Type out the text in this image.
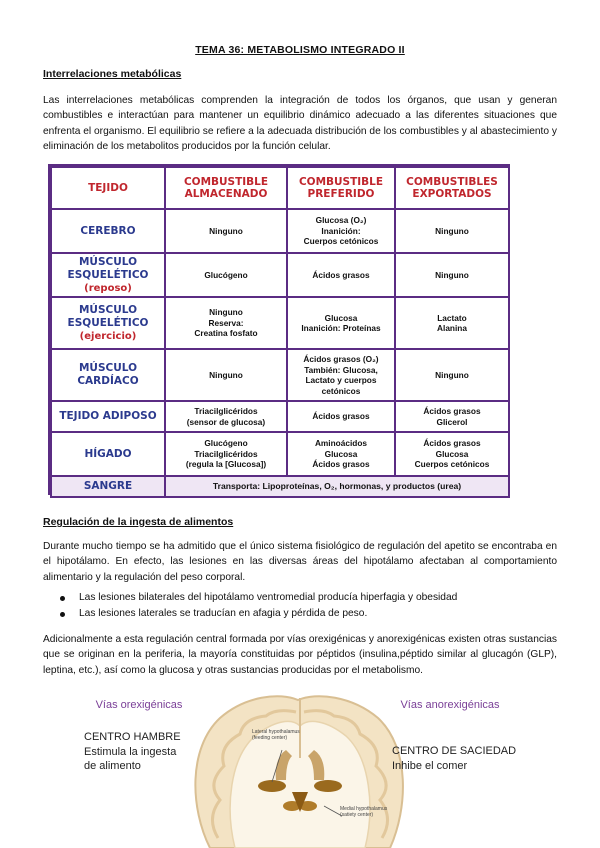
TEMA 36: METABOLISMO INTEGRADO II
Interrelaciones metabólicas
Las interrelaciones metabólicas comprenden la integración de todos los órganos, que usan y generan combustibles e interactúan para mantener un equilibrio dinámico adecuado a las diferentes situaciones que enfrenta el organismo. El equilibrio se refiere a la adecuada distribución de los combustibles y al abastecimiento y eliminación de los metabolitos producidos por la función celular.
TEJIDO	COMBUSTIBLE ALMACENADO	COMBUSTIBLE PREFERIDO	COMBUSTIBLES EXPORTADOS
CEREBRO	Ninguno	Glucosa (O₂)
Inanición:
Cuerpos cetónicos	Ninguno

MÚSCULO ESQUELÉTICO
(reposo)	Glucógeno	Ácidos grasos	Ninguno

MÚSCULO ESQUELÉTICO
(ejercicio)	Ninguno
Reserva:
Creatina fosfato	Glucosa
Inanición: Proteínas	Lactato
Alanina

MÚSCULO CARDÍACO	Ninguno	Ácidos grasos (O₂)
También: Glucosa,
Lactato y cuerpos
cetónicos	Ninguno

TEJIDO ADIPOSO	Triacilglicéridos
(sensor de glucosa)	Ácidos grasos	Ácidos grasos
Glicerol

HÍGADO	Glucógeno
Triacilglicéridos
(regula la [Glucosa])	Aminoácidos
Glucosa
Ácidos grasos	Ácidos grasos
Glucosa
Cuerpos cetónicos

SANGRE	Transporta: Lipoproteínas, O₂, hormonas, y productos (urea)		
Regulación de la ingesta de alimentos
Durante mucho tiempo se ha admitido que el único sistema fisiológico de regulación del apetito se encontraba en el hipotálamo. En efecto, las lesiones en las diversas áreas del hipotálamo afectaban al comportamiento alimentario y la regulación del peso corporal.
Las lesiones bilaterales del hipotálamo ventromedial producía hiperfagia y obesidad
Las lesiones laterales se traducían en afagia y pérdida de peso.
Adicionalmente a esta regulación central formada por vías orexigénicas y anorexigénicas existen otras sustancias que se originan en la periferia, la mayoría constituidas por péptidos (insulina,péptido similar al glucagón (GLP), leptina, etc.), así como la glucosa y otras sustancias producidas por el metabolismo.
Vías orexigénicas
CENTRO HAMBRE
Estimula la ingesta de alimento
Vías anorexigénicas
CENTRO DE SACIEDAD
Inhibe el comer
Lateral hypothalamus (feeding center)
Medial hypothalamus (satiety center)
